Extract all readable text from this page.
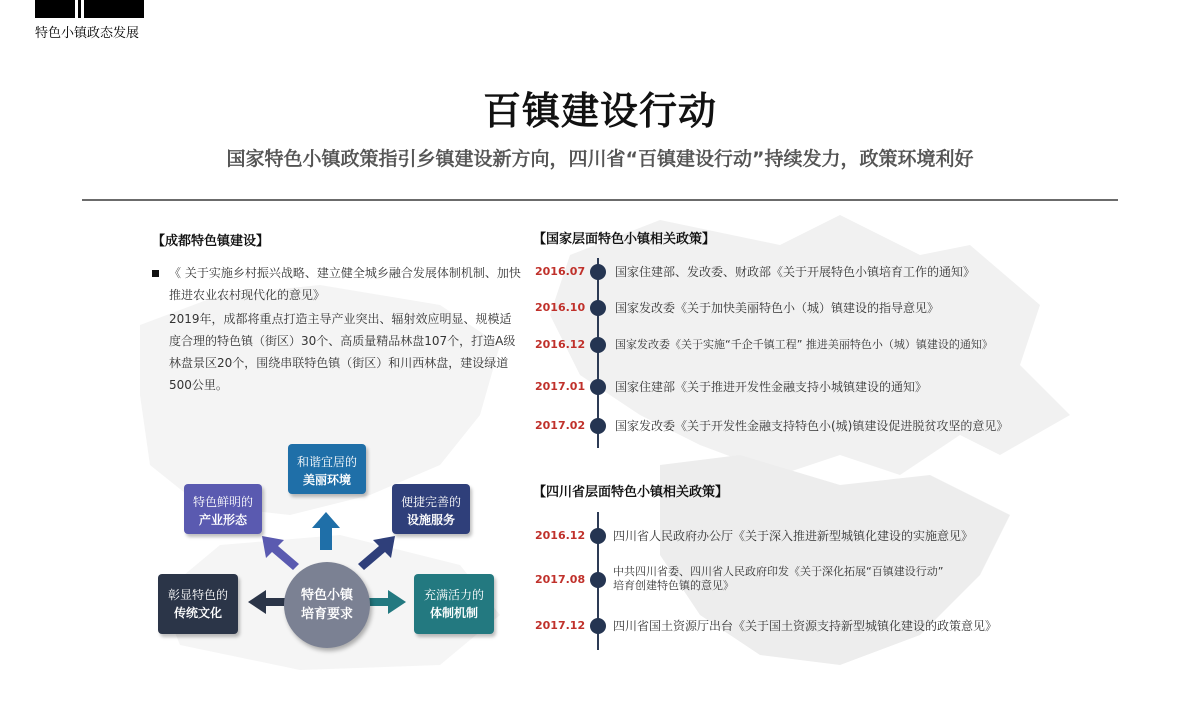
特色小镇政态发展
百镇建设行动
国家特色小镇政策指引乡镇建设新方向，四川省“百镇建设行动”持续发力，政策环境利好
【成都特色镇建设】
《 关于实施乡村振兴战略、建立健全城乡融合发展体制机制、加快推进农业农村现代化的意见》
2019年，成都将重点打造主导产业突出、辐射效应明显、规模适度合理的特色镇（街区）30个、高质量精品林盘107个，打造A级林盘景区20个，围绕串联特色镇（街区）和川西林盘，建设绿道500公里。
和谐宜居的
美丽环境
特色鲜明的
产业形态
便捷完善的
设施服务
彰显特色的
传统文化
充满活力的
体制机制
特色小镇
培育要求
【国家层面特色小镇相关政策】
2016.07 国家住建部、发改委、财政部《关于开展特色小镇培育工作的通知》
2016.10 国家发改委《关于加快美丽特色小（城）镇建设的指导意见》
2016.12	国家发改委《关于实施“千企千镇工程” 推进美丽特色小（城）镇建设的通知》
2017.01 国家住建部《关于推进开发性金融支持小城镇建设的通知》
2017.02 国家发改委《关于开发性金融支持特色小(城)镇建设促进脱贫攻坚的意见》
【四川省层面特色小镇相关政策】
2016.12 四川省人民政府办公厅《关于深入推进新型城镇化建设的实施意见》
2017.08
中共四川省委、四川省人民政府印发《关于深化拓展“百镇建设行动”
培育创建特色镇的意见》
2017.12 四川省国土资源厅出台《关于国土资源支持新型城镇化建设的政策意见》
